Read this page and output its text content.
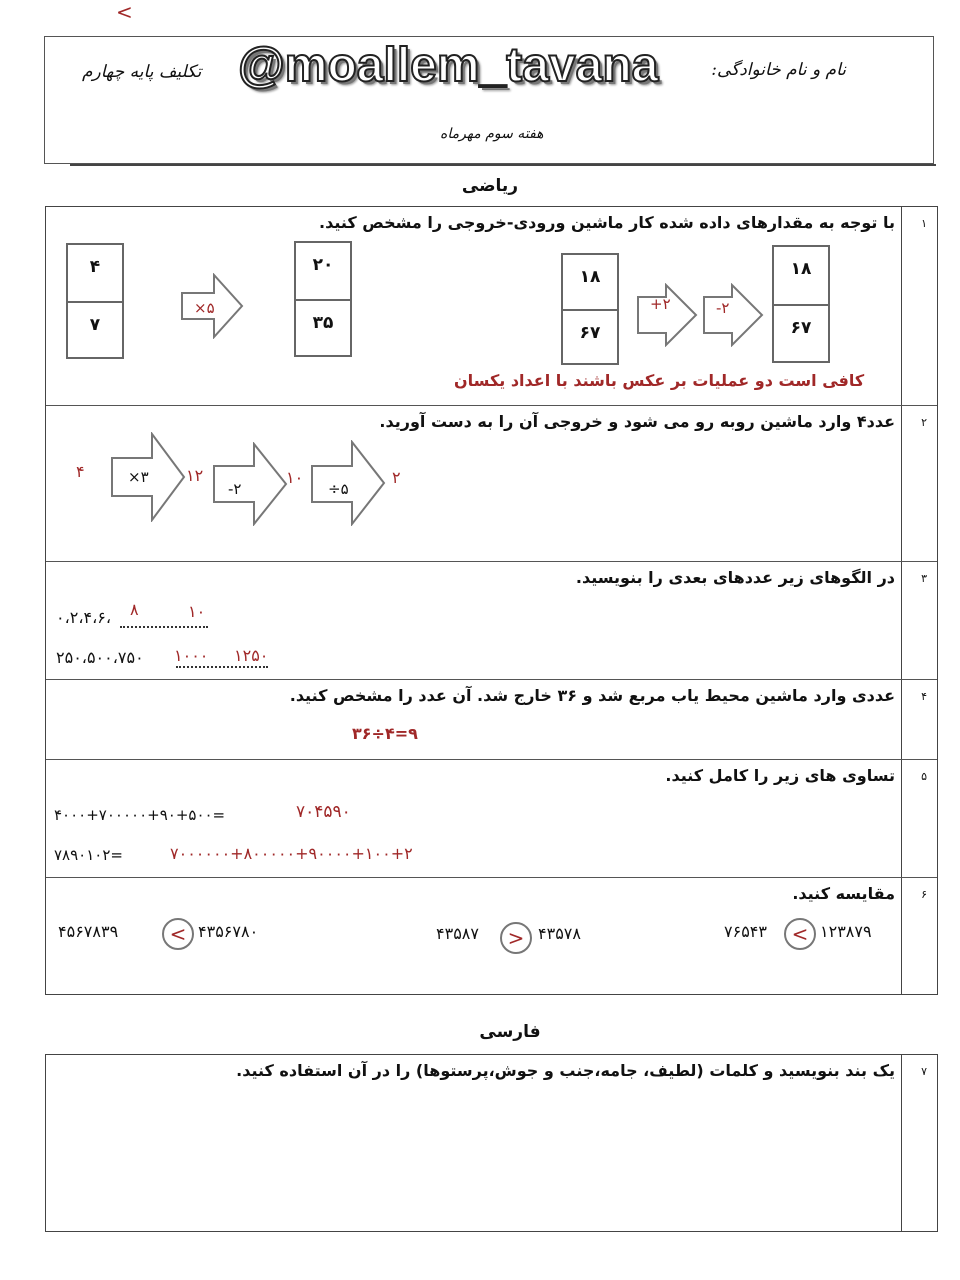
<
@moallem_tavana	نام و نام خانوادگی:
تکلیف پایه چهارم
هفته سوم مهرماه
ریاضی
۱
با توجه به مقدارهای داده شده کار ماشین ورودی-خروجی را مشخص کنید.
۴
۷
×۵
۲۰
۳۵
۱۸
۶۷
+۲	-۲
۱۸
۶۷
کافی است دو عملیات بر عکس باشند با اعداد یکسان
۲
عدد۴ وارد ماشین روبه رو می شود و خروجی آن را به دست آورید.
۴	×۳ ۱۲
-۲
۱۰
÷۵
۲
۳
در الگوهای زیر عددهای بعدی را بنویسید.
۰،۲،۴،۶، ۸	۱۰
۲۵۰،۵۰۰،۷۵۰ ۱۰۰۰ ۱۲۵۰
۴
عددی وارد ماشین محیط یاب مربع شد و ۳۶ خارج شد. آن عدد را مشخص کنید.
۳۶÷۴=۹
۵
تساوی های زیر را کامل کنید.
۴۰۰۰+۷۰۰۰۰۰+۹۰+۵۰۰=	۷۰۴۵۹۰
۷۸۹۰۱۰۲=	۷۰۰۰۰۰۰+۸۰۰۰۰۰+۹۰۰۰۰+۱۰۰+۲
۶
مقایسه کنید.
۷۶۵۴۳	< ۱۲۳۸۷۹
۴۳۵۸۷	> ۴۳۵۷۸
۴۵۶۷۸۳۹	< ۴۳۵۶۷۸۰
فارسی
۷
یک بند بنویسید و کلمات (لطیف، جامه،جنب و جوش،پرستوها) را در آن استفاده کنید.
